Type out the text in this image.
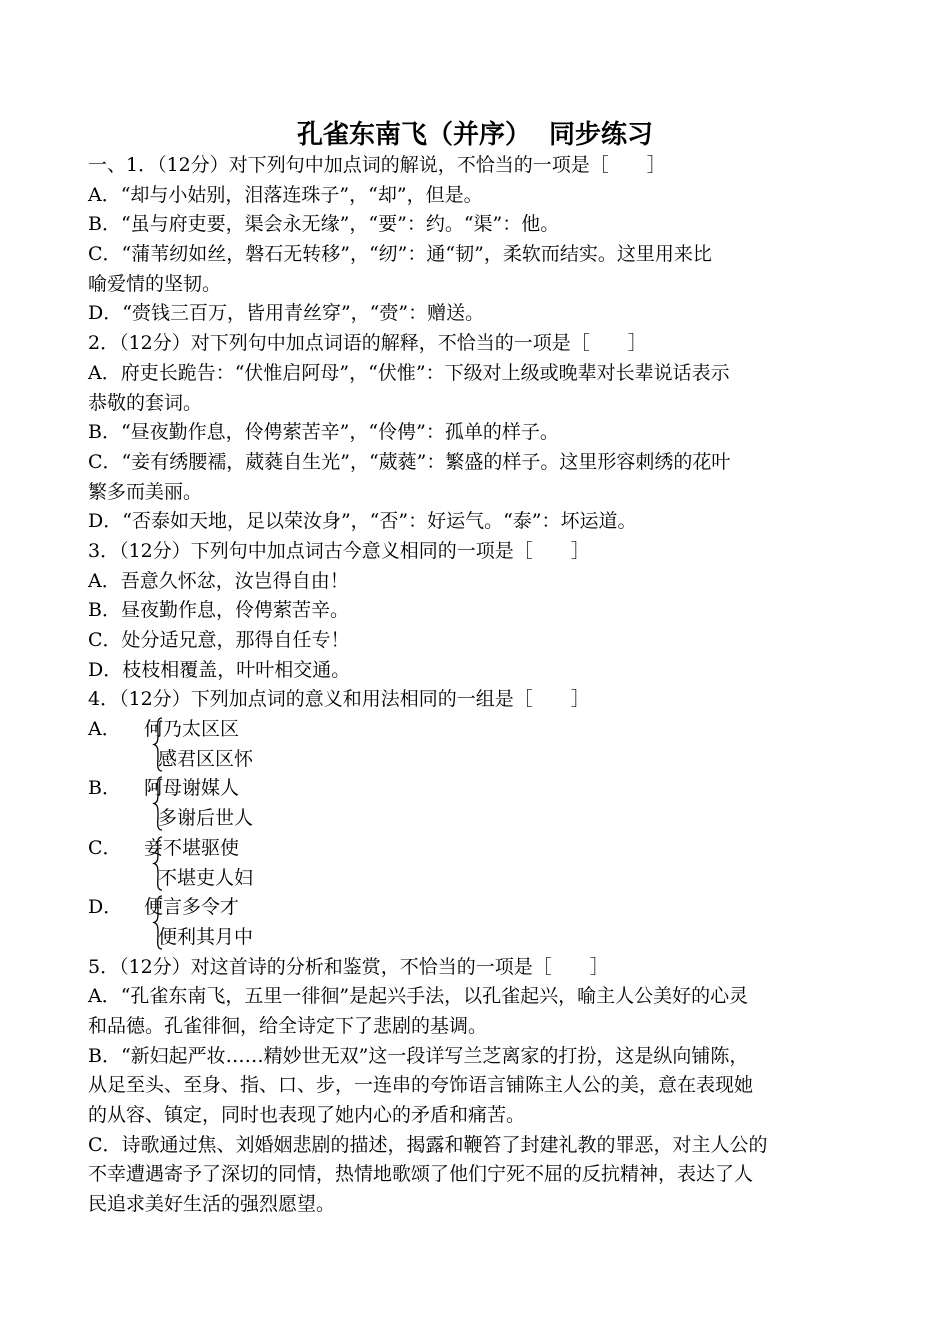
孔雀东南飞（并序）  同步练习
一、1．（12分）对下列句中加点词的解说，不恰当的一项是［　　］
A．“却与小姑别，泪落连珠子”，“却”，但是。
B．“虽与府吏要，渠会永无缘”，“要”：约。“渠”：他。
C．“蒲苇纫如丝，磐石无转移”，“纫”：通“韧”，柔软而结实。这里用来比
喻爱情的坚韧。
D．“赍钱三百万，皆用青丝穿”，“赍”：赠送。
2．（12分）对下列句中加点词语的解释，不恰当的一项是［　　］
A．府吏长跪告：“伏惟启阿母”，“伏惟”：下级对上级或晚辈对长辈说话表示
恭敬的套词。
B．“昼夜勤作息，伶俜萦苦辛”，“伶俜”：孤单的样子。
C．“妾有绣腰襦，葳蕤自生光”，“葳蕤”：繁盛的样子。这里形容刺绣的花叶
繁多而美丽。
D．“否泰如天地，足以荣汝身”，“否”：好运气。“泰”：坏运道。
3．（12分）下列句中加点词古今意义相同的一项是［　　］
A．吾意久怀忿，汝岂得自由！
B．昼夜勤作息，伶俜萦苦辛。
C．处分适兄意，那得自任专！
D．枝枝相覆盖，叶叶相交通。
4．（12分）下列加点词的意义和用法相同的一组是［　　］
A． 何乃太区区
感君区区怀
B． 阿母谢媒人
多谢后世人
C． 妾不堪驱使
不堪吏人妇
D． 便言多令才
便利其月中
5．（12分）对这首诗的分析和鉴赏，不恰当的一项是［　　］
A．“孔雀东南飞，五里一徘徊”是起兴手法，以孔雀起兴，喻主人公美好的心灵
和品德。孔雀徘徊，给全诗定下了悲剧的基调。
B．“新妇起严妆……精妙世无双”这一段详写兰芝离家的打扮，这是纵向铺陈，
从足至头、至身、指、口、步，一连串的夸饰语言铺陈主人公的美，意在表现她
的从容、镇定，同时也表现了她内心的矛盾和痛苦。
C．诗歌通过焦、刘婚姻悲剧的描述，揭露和鞭笞了封建礼教的罪恶，对主人公的
不幸遭遇寄予了深切的同情，热情地歌颂了他们宁死不屈的反抗精神，表达了人
民追求美好生活的强烈愿望。
